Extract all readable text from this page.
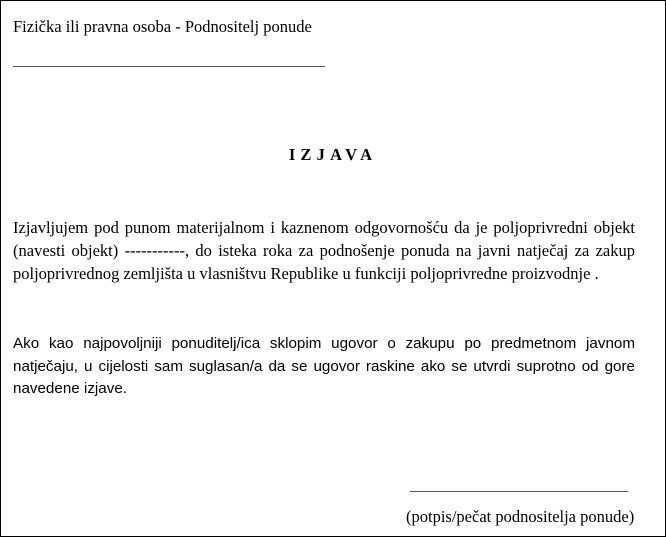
Fizička ili pravna osoba - Podnositelj ponude
IZJAVA
Izjavljujem pod punom materijalnom i kaznenom odgovornošću da je poljoprivredni objekt (navesti objekt) -----------, do isteka roka za podnošenje ponuda na javni natječaj za zakup poljoprivrednog zemljišta u vlasništvu Republike u funkciji poljoprivredne proizvodnje .
Ako kao najpovoljniji ponuditelj/ica sklopim ugovor o zakupu po predmetnom javnom natječaju, u cijelosti sam suglasan/a da se ugovor raskine ako se utvrdi suprotno od gore navedene izjave.
(potpis/pečat podnositelja ponude)
